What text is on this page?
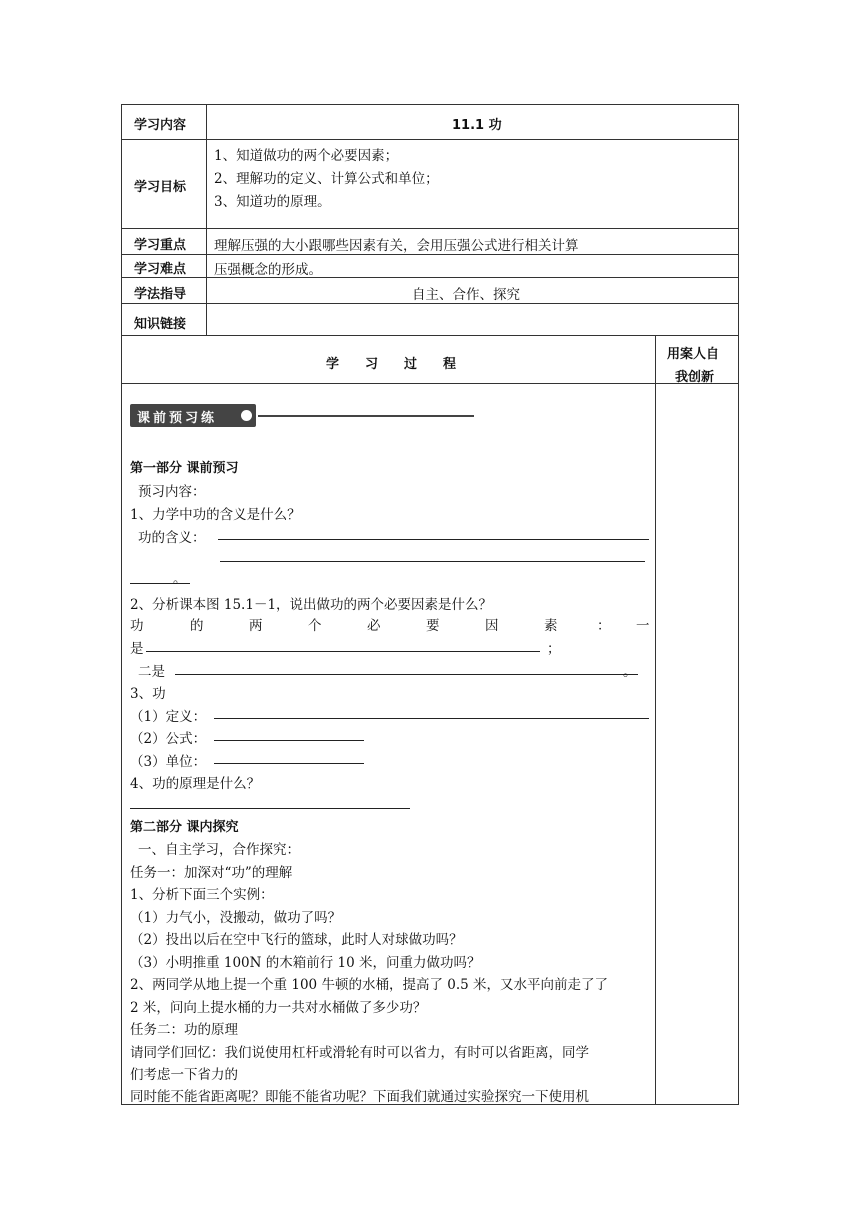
学习内容	11.1 功
学习目标
1、知道做功的两个必要因素；
2、理解功的定义、计算公式和单位；
3、知道功的原理。
学习重点 理解压强的大小跟哪些因素有关，会用压强公式进行相关计算
学习难点 压强概念的形成。
学法指导	自主、合作、探究
知识链接
学　　习　　过　　程
用案人自
我创新
课前预习练
第一部分 课前预习
预习内容：
1、力学中功的含义是什么？
功的含义：
。
2、分析课本图 15.1－1，说出做功的两个必要因素是什么？
功	的	两	个	必	要	因	素	： 一
是	；
二是	。
3、功
（1）定义：
（2）公式：
（3）单位：
4、功的原理是什么？
第二部分 课内探究
一、自主学习，合作探究：
任务一：加深对“功”的理解
1、分析下面三个实例：
（1）力气小，没搬动，做功了吗？
（2）投出以后在空中飞行的篮球，此时人对球做功吗？
（3）小明推重 100N 的木箱前行 10 米，问重力做功吗？
2、两同学从地上提一个重 100 牛顿的水桶，提高了 0.5 米，又水平向前走了了
2 米，问向上提水桶的力一共对水桶做了多少功？
任务二：功的原理
请同学们回忆：我们说使用杠杆或滑轮有时可以省力，有时可以省距离，同学
们考虑一下省力的
同时能不能省距离呢？即能不能省功呢？下面我们就通过实验探究一下使用机
